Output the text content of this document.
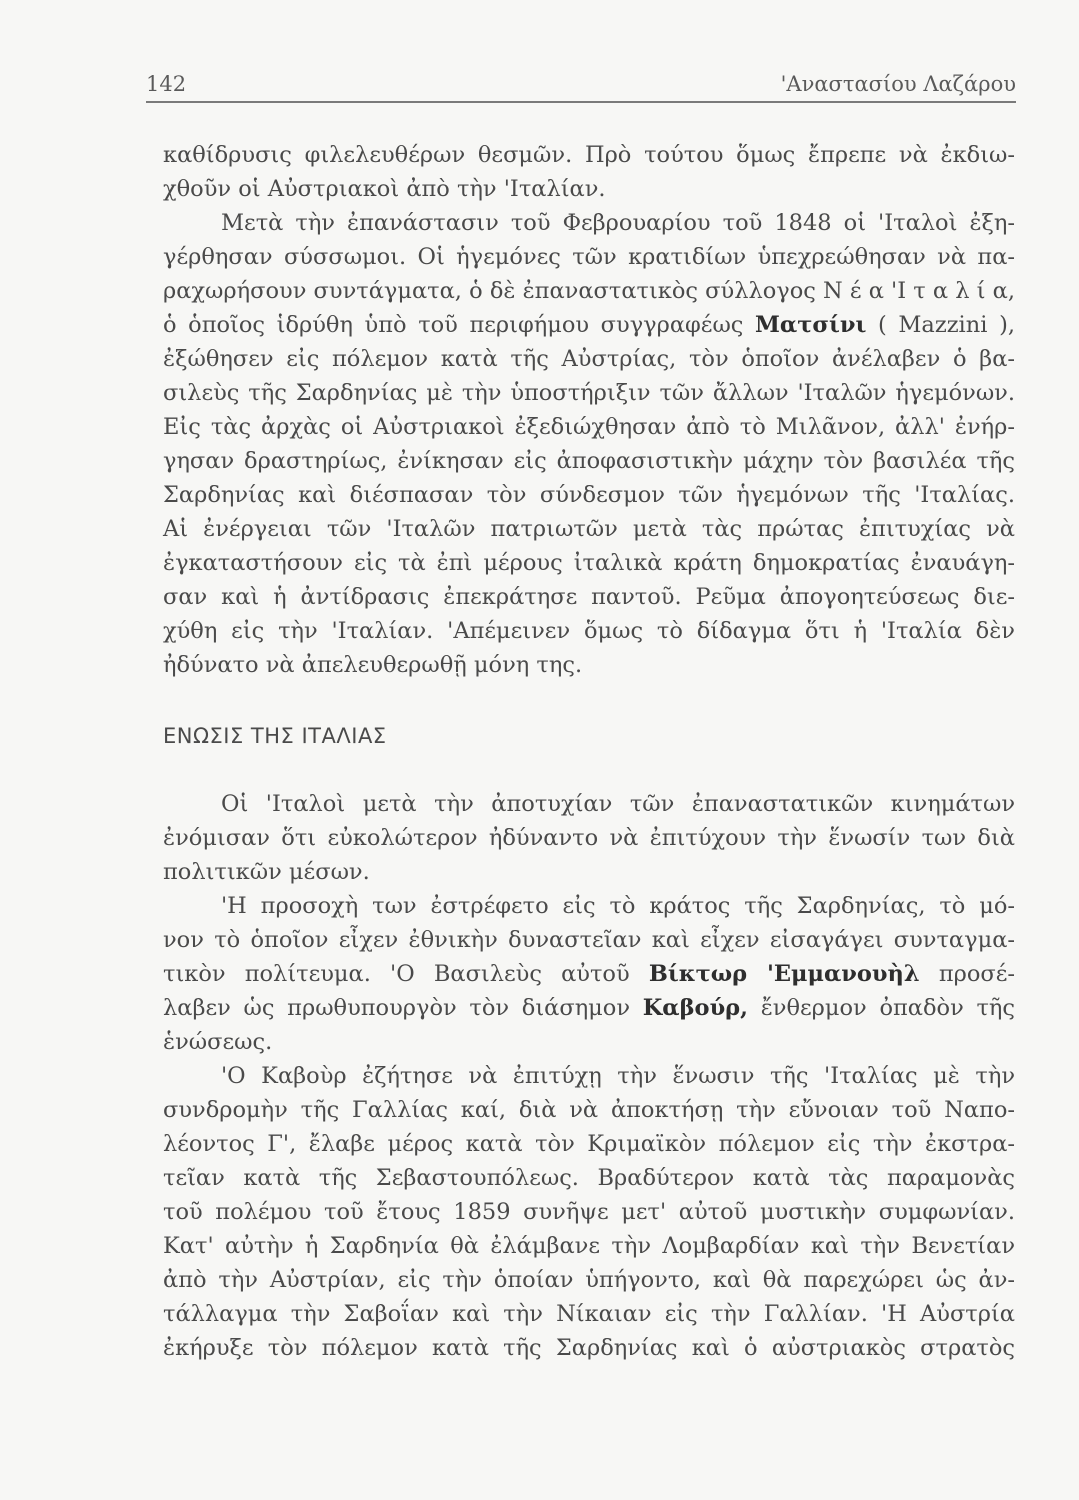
142	'Αναστασίου Λαζάρου
καθίδρυσις φιλελευθέρων θεσμῶν. Πρὸ τούτου ὅμως ἔπρεπε νὰ ἐκδιω-
χθοῦν οἱ Αὐστριακοὶ ἀπὸ τὴν 'Ιταλίαν.
Μετὰ τὴν ἐπανάστασιν τοῦ Φεβρουαρίου τοῦ 1848 οἱ 'Ιταλοὶ ἐξη-
γέρθησαν σύσσωμοι. Οἱ ἡγεμόνες τῶν κρατιδίων ὑπεχρεώθησαν νὰ πα-
ραχωρήσουν συντάγματα, ὁ δὲ ἐπαναστατικὸς σύλλογος Ν έ α 'Ι τ α λ ί α,
ὁ ὁποῖος ἱδρύθη ὑπὸ τοῦ περιφήμου συγγραφέως Ματσίνι ( Mazzini ),
ἐξώθησεν εἰς πόλεμον κατὰ τῆς Αὐστρίας, τὸν ὁποῖον ἀνέλαβεν ὁ βα-
σιλεὺς τῆς Σαρδηνίας μὲ τὴν ὑποστήριξιν τῶν ἄλλων 'Ιταλῶν ἡγεμόνων.
Εἰς τὰς ἀρχὰς οἱ Αὐστριακοὶ ἐξεδιώχθησαν ἀπὸ τὸ Μιλᾶνον, ἀλλ' ἐνήρ-
γησαν δραστηρίως, ἐνίκησαν εἰς ἀποφασιστικὴν μάχην τὸν βασιλέα τῆς
Σαρδηνίας καὶ διέσπασαν τὸν σύνδεσμον τῶν ἡγεμόνων τῆς 'Ιταλίας.
Αἱ ἐνέργειαι τῶν 'Ιταλῶν πατριωτῶν μετὰ τὰς πρώτας ἐπιτυχίας νὰ
ἐγκαταστήσουν εἰς τὰ ἐπὶ μέρους ἰταλικὰ κράτη δημοκρατίας ἐναυάγη-
σαν καὶ ἡ ἀντίδρασις ἐπεκράτησε παντοῦ. Ρεῦμα ἀπογοητεύσεως διε-
χύθη εἰς τὴν 'Ιταλίαν. 'Απέμεινεν ὅμως τὸ δίδαγμα ὅτι ἡ 'Ιταλία δὲν
ἠδύνατο νὰ ἀπελευθερωθῇ μόνη της.
ΕΝΩΣΙΣ ΤΗΣ ΙΤΑΛΙΑΣ
Οἱ 'Ιταλοὶ μετὰ τὴν ἀποτυχίαν τῶν ἐπαναστατικῶν κινημάτων
ἐνόμισαν ὅτι εὐκολώτερον ἠδύναντο νὰ ἐπιτύχουν τὴν ἕνωσίν των διὰ
πολιτικῶν μέσων.
'Η προσοχὴ των ἐστρέφετο εἰς τὸ κράτος τῆς Σαρδηνίας, τὸ μό-
νον τὸ ὁποῖον εἶχεν ἐθνικὴν δυναστεῖαν καὶ εἶχεν εἰσαγάγει συνταγμα-
τικὸν πολίτευμα. 'Ο Βασιλεὺς αὐτοῦ Βίκτωρ 'Εμμανουὴλ προσέ-
λαβεν ὡς πρωθυπουργὸν τὸν διάσημον Καβούρ, ἔνθερμον ὀπαδὸν τῆς
ἑνώσεως.
'Ο Καβοὺρ ἐζήτησε νὰ ἐπιτύχῃ τὴν ἕνωσιν τῆς 'Ιταλίας μὲ τὴν
συνδρομὴν τῆς Γαλλίας καί, διὰ νὰ ἀποκτήσῃ τὴν εὔνοιαν τοῦ Ναπο-
λέοντος Γ', ἔλαβε μέρος κατὰ τὸν Κριμαϊκὸν πόλεμον εἰς τὴν ἐκστρα-
τεῖαν κατὰ τῆς Σεβαστουπόλεως. Βραδύτερον κατὰ τὰς παραμονὰς
τοῦ πολέμου τοῦ ἔτους 1859 συνῆψε μετ' αὐτοῦ μυστικὴν συμφωνίαν.
Κατ' αὐτὴν ἡ Σαρδηνία θὰ ἐλάμβανε τὴν Λομβαρδίαν καὶ τὴν Βενετίαν
ἀπὸ τὴν Αὐστρίαν, εἰς τὴν ὁποίαν ὑπήγοντο, καὶ θὰ παρεχώρει ὡς ἀν-
τάλλαγμα τὴν Σαβοΐαν καὶ τὴν Νίκαιαν εἰς τὴν Γαλλίαν. 'Η Αὐστρία
ἐκήρυξε τὸν πόλεμον κατὰ τῆς Σαρδηνίας καὶ ὁ αὐστριακὸς στρατὸς
